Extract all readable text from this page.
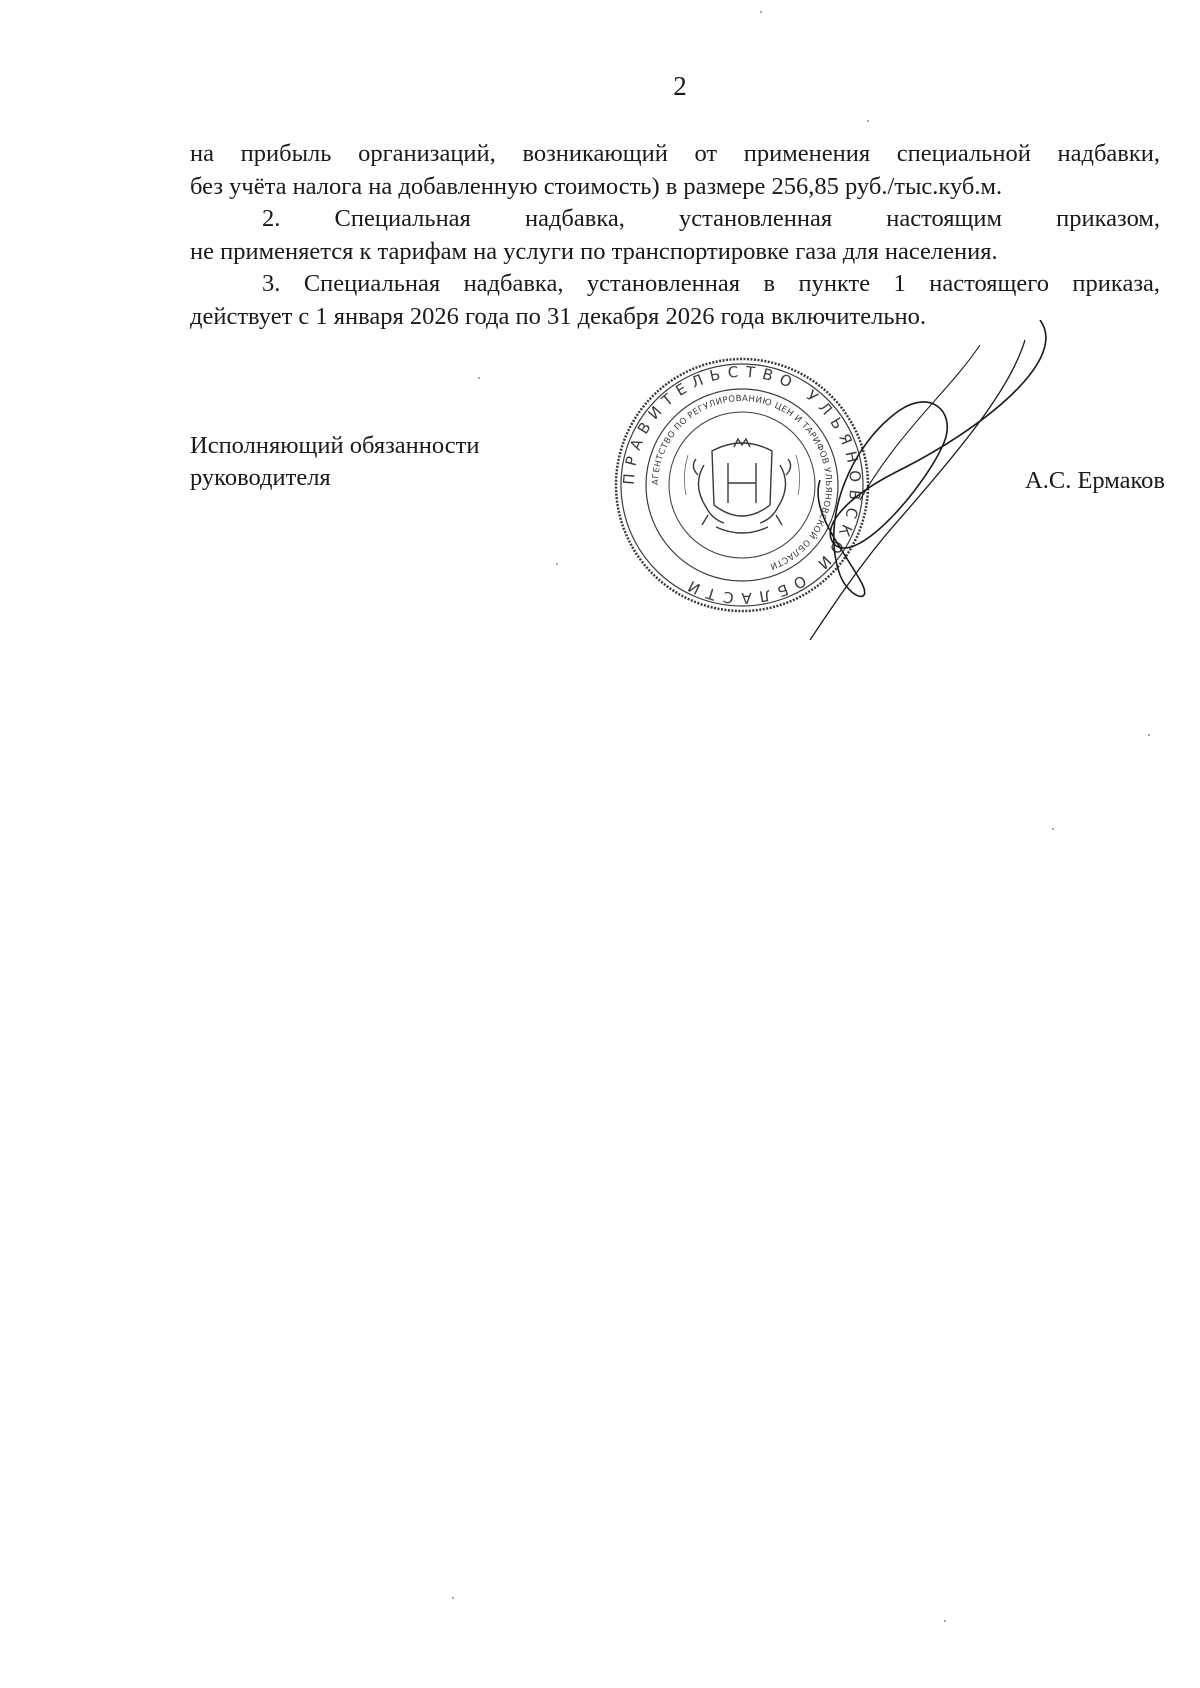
2

на прибыль организаций, возникающий от применения специальной надбавки,

без учёта налога на добавленную стоимость) в размере 256,85 руб./тыс.куб.м.

2. Специальная надбавка, установленная настоящим приказом,

не применяется к тарифам на услуги по транспортировке газа для населения.

3. Специальная надбавка, установленная в пункте 1 настоящего приказа,

действует с 1 января 2026 года по 31 декабря 2026 года включительно.

Исполняющий обязанности
руководителя	ПРАВИТЕЛЬСТВО УЛЬЯНОВСКОЙ ОБЛАСТИ
АГЕНТСТВО ПО РЕГУЛИРОВАНИЮ ЦЕН И ТАРИФОВ УЛЬЯНОВСКОЙ ОБЛАСТИ
А.С. Ермаков
